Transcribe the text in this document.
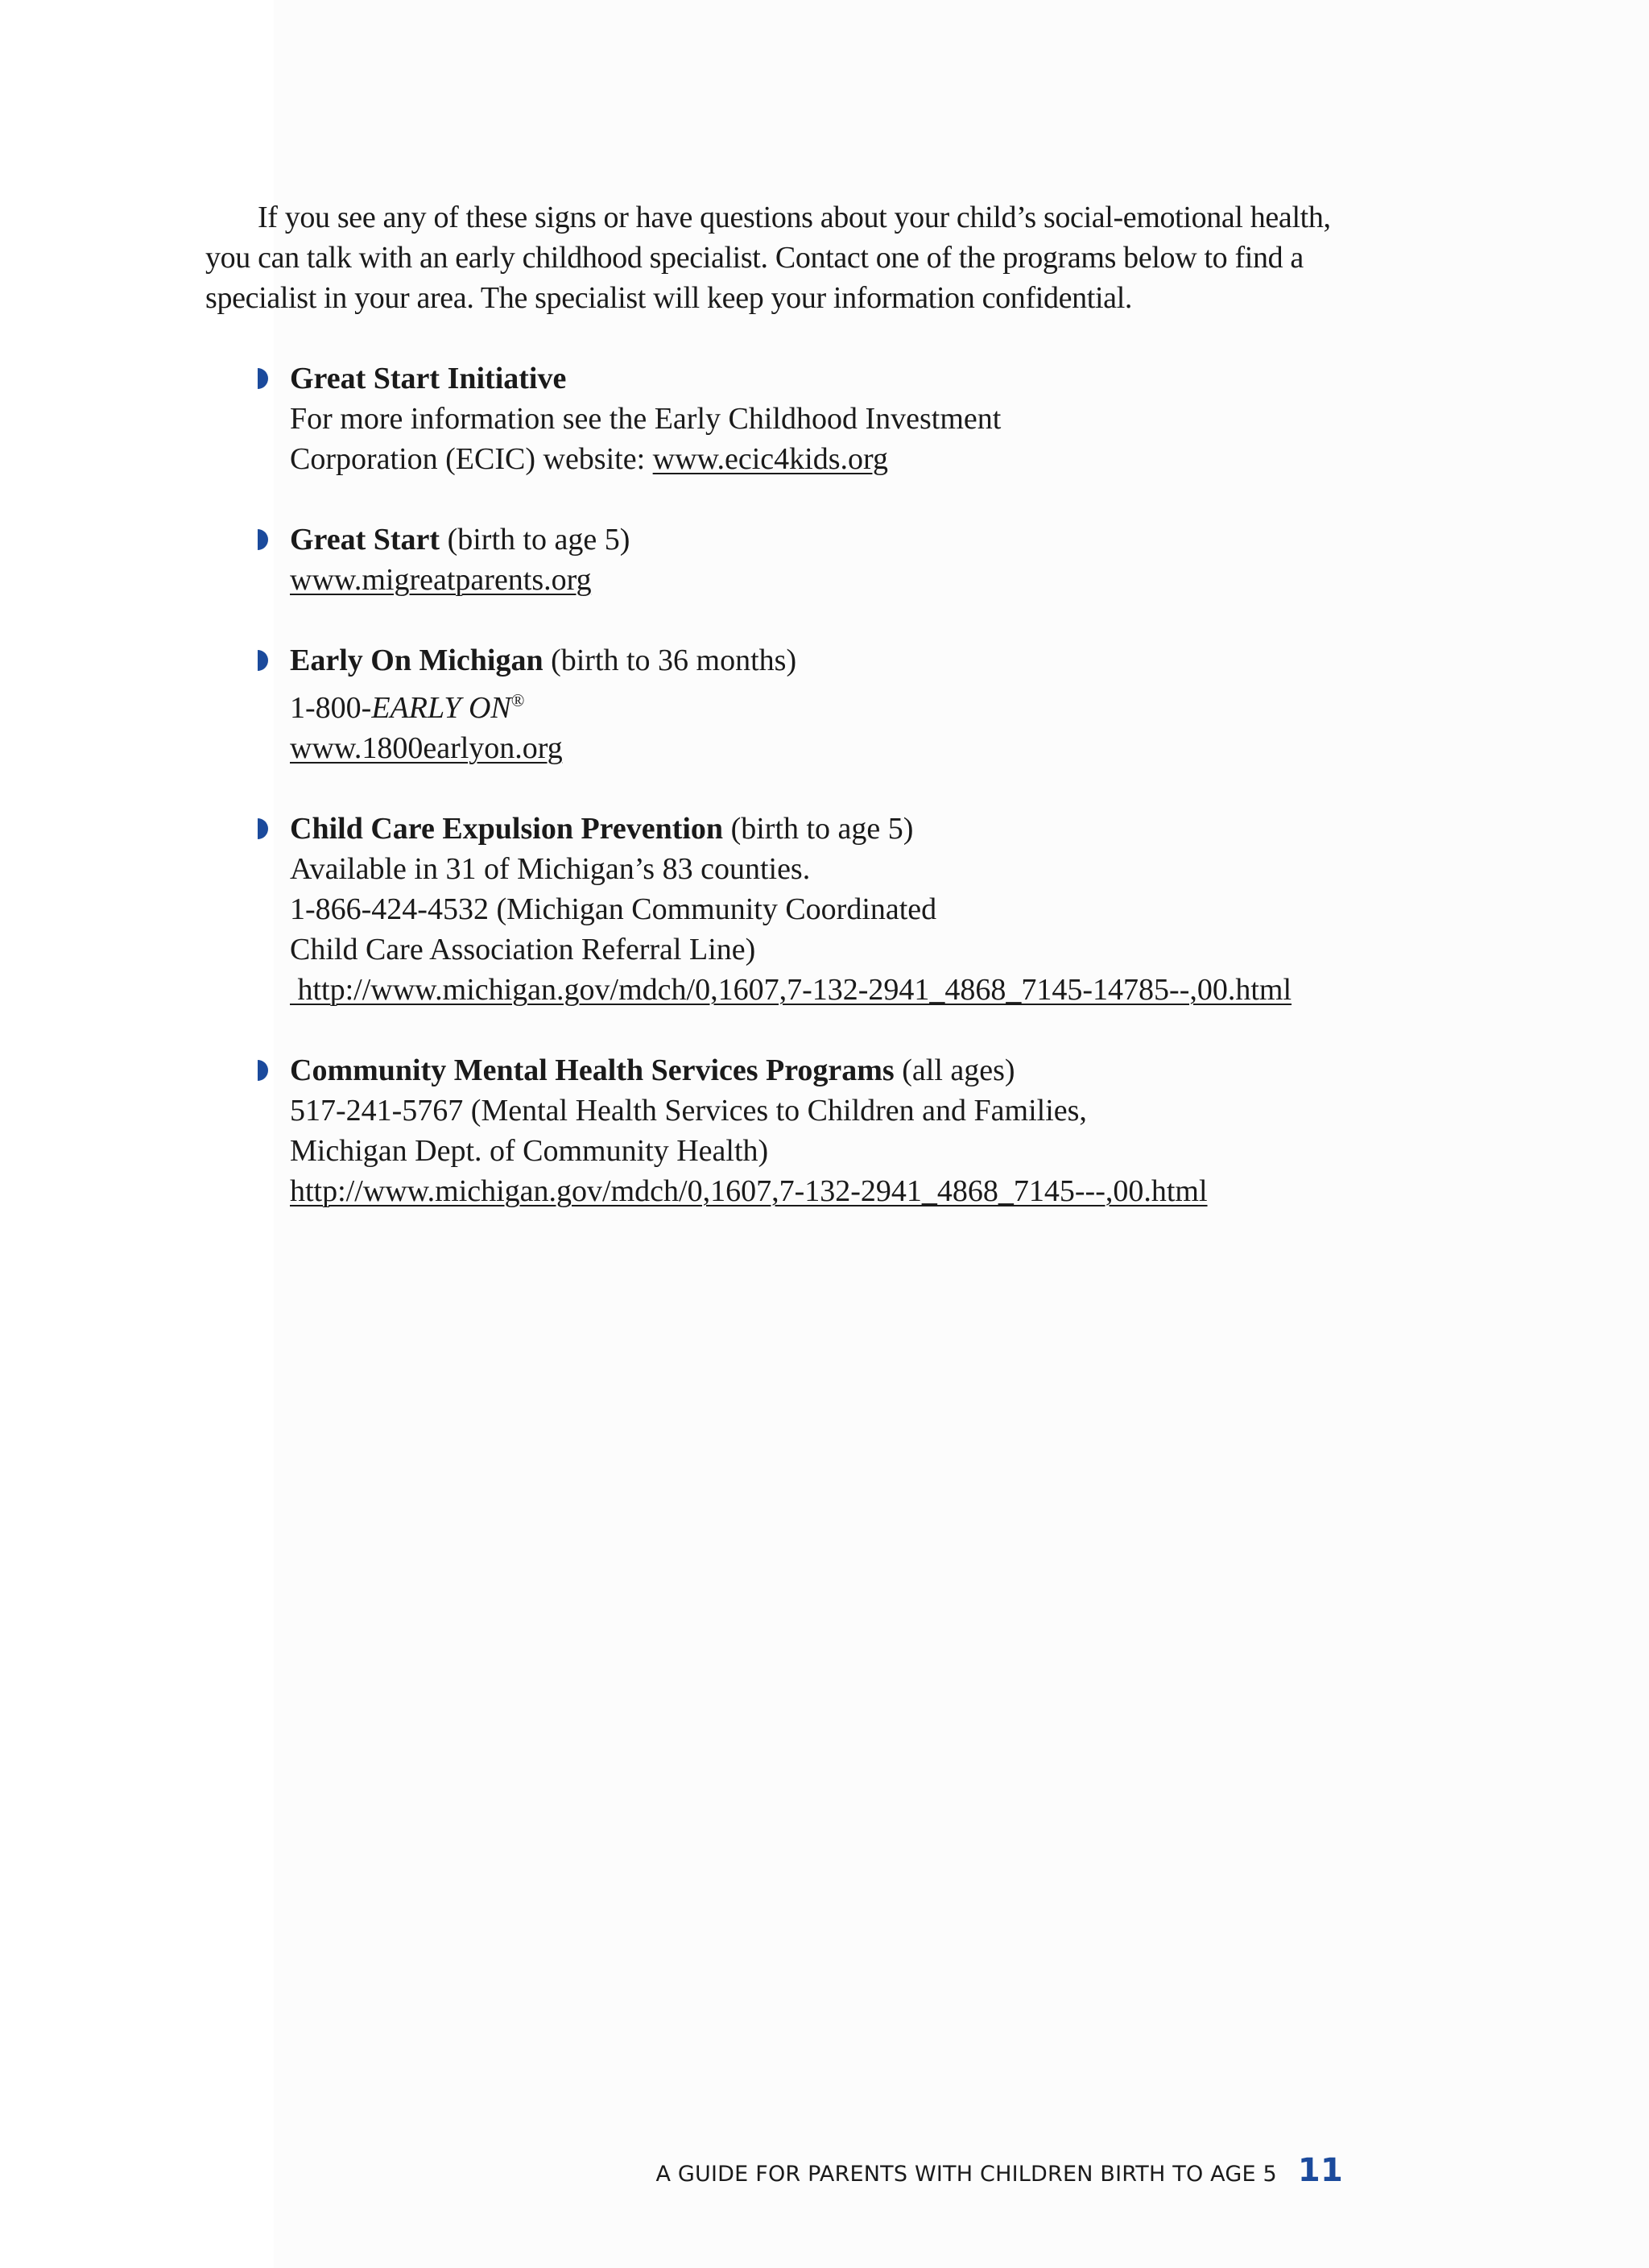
If you see any of these signs or have questions about your child’s social-emotional health, you can talk with an early childhood specialist. Contact one of the programs below to find a specialist in your area. The specialist will keep your information confidential.

Great Start Initiative
For more information see the Early Childhood Investment
Corporation (ECIC) website: www.ecic4kids.org
Great Start (birth to age 5)
www.migreatparents.org
Early On Michigan (birth to 36 months)
1-800-EARLY ON®
www.1800earlyon.org
Child Care Expulsion Prevention (birth to age 5)
Available in 31 of Michigan’s 83 counties.
1-866-424-4532 (Michigan Community Coordinated
Child Care Association Referral Line)
http://www.michigan.gov/mdch/0,1607,7-132-2941_4868_7145-14785--,00.html
Community Mental Health Services Programs (all ages)
517-241-5767 (Mental Health Services to Children and Families,
Michigan Dept. of Community Health)
http://www.michigan.gov/mdch/0,1607,7-132-2941_4868_7145---,00.html
A GUIDE FOR PARENTS WITH CHILDREN BIRTH TO AGE 5 11
